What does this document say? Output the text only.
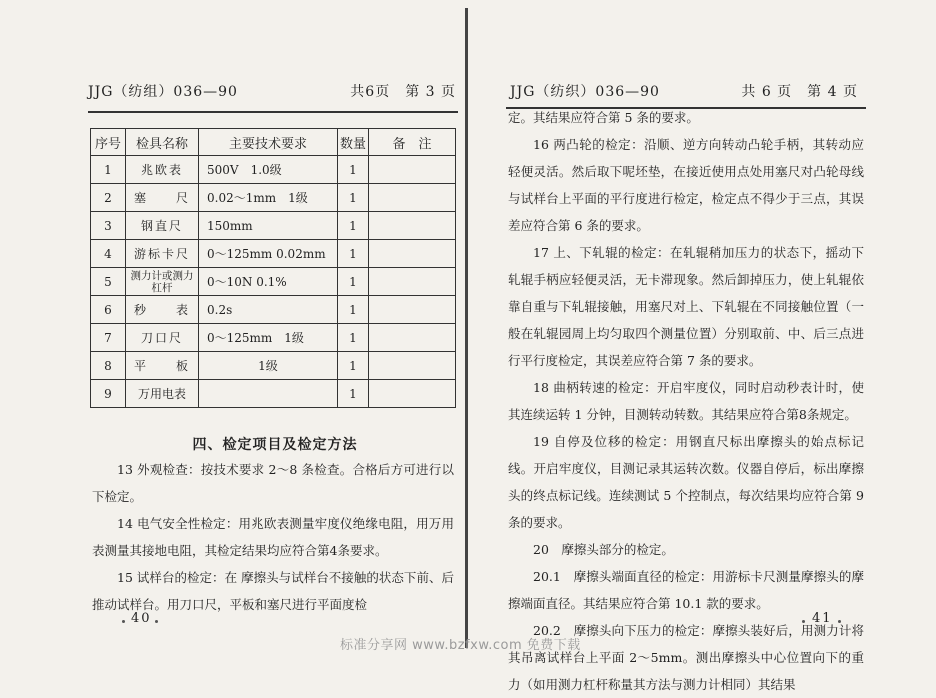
JJG（纺组）036—90	共6页　第 3 页
序号	检具名称	主要技术要求	数量	备　注
1	兆欧表	500V　1.0级	1	
2	塞　　尺	0.02～1mm　1级	1	
3	钢直尺	150mm	1	
4	游标卡尺	0～125mm 0.02mm	1	
5	测力计或测力杠杆	0～10N 0.1%	1	
6	秒　　表	0.2s	1	
7	刀口尺	0～125mm　1级	1	
8	平　　板	1级	1	
9	万用电表		1	
四、检定项目及检定方法

13 外观检查：按技术要求 2～8 条检查。合格后方可进行以下检定。

14 电气安全性检定：用兆欧表测量牢度仪绝缘电阻，用万用表测量其接地电阻，其检定结果均应符合第4条要求。

15 试样台的检定：在 摩擦头与试样台不接触的状态下前、后推动试样台。用刀口尺，平板和塞尺进行平面度检

40
JJG（纺织）036—90	共 6 页　第 4 页

定。其结果应符合第 5 条的要求。

16 两凸轮的检定：沿顺、逆方向转动凸轮手柄，其转动应轻便灵活。然后取下呢坯垫，在接近使用点处用塞尺对凸轮母线与试样台上平面的平行度进行检定，检定点不得少于三点，其误差应符合第 6 条的要求。

17 上、下轧辊的检定：在轧辊稍加压力的状态下，摇动下轧辊手柄应轻便灵活，无卡滞现象。然后卸掉压力，使上轧辊依靠自重与下轧辊接触，用塞尺对上、下轧辊在不同接触位置（一般在轧辊园周上均匀取四个测量位置）分别取前、中、后三点进行平行度检定，其误差应符合第 7 条的要求。

18 曲柄转速的检定：开启牢度仪，同时启动秒表计时，使其连续运转 1 分钟，目测转动转数。其结果应符合第8条规定。

19 自停及位移的检定：用钢直尺标出摩擦头的始点标记线。开启牢度仪，目测记录其运转次数。仪器自停后，标出摩擦头的终点标记线。连续测试 5 个控制点，每次结果均应符合第 9 条的要求。

20　摩擦头部分的检定。

20.1　摩擦头端面直径的检定：用游标卡尺测量摩擦头的摩擦端面直径。其结果应符合第 10.1 款的要求。

20.2　摩擦头向下压力的检定：摩擦头装好后，用测力计将其吊离试样台上平面 2～5mm。测出摩擦头中心位置向下的重力（如用测力杠杆称量其方法与测力计相同）其结果

41
标准分享网 www.bzfxw.com 免费下载
